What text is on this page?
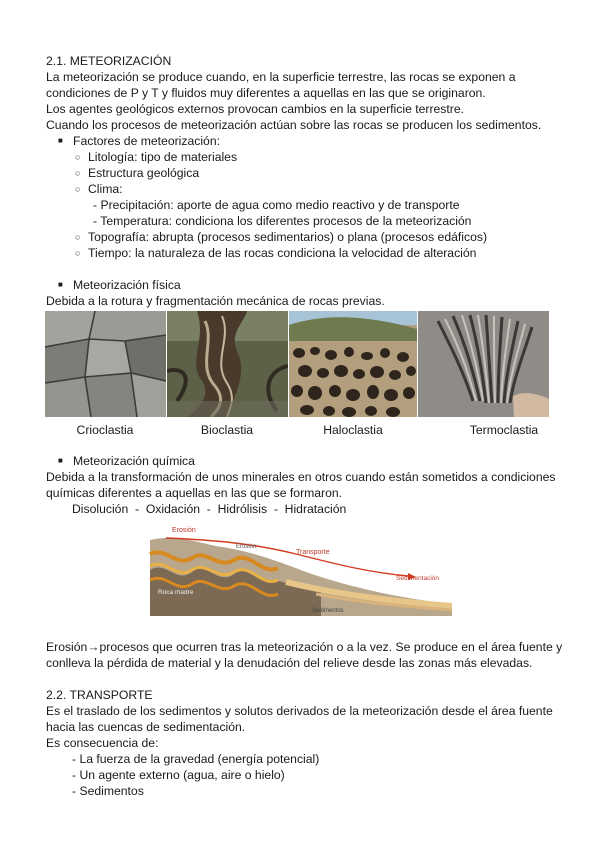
2.1. METEORIZACIÓN
La meteorización se produce cuando, en la superficie terrestre, las rocas se exponen a
condiciones de P y T y fluidos muy diferentes a aquellas en las que se originaron.
Los agentes geológicos externos provocan cambios en la superficie terrestre.
Cuando los procesos de meteorización actúan sobre las rocas se producen los sedimentos.
■ Factores de meteorización:
○ Litología: tipo de materiales
○ Estructura geológica
○ Clima:
- Precipitación: aporte de agua como medio reactivo y de transporte
- Temperatura: condiciona los diferentes procesos de la meteorización
○ Topografía: abrupta (procesos sedimentarios) o plana (procesos edáficos)
○ Tiempo: la naturaleza de las rocas condiciona la velocidad de alteración
■ Meteorización física
Debida a la rotura y fragmentación mecánica de rocas previas.
Crioclastia	Bioclastia	Haloclastia	Termoclastia
■ Meteorización química
Debida a la transformación de unos minerales en otros cuando están sometidos a condiciones
químicas diferentes a aquellas en las que se formaron.
Disolución  -  Oxidación  -  Hidrólisis  -  Hidratación
Erosión
Erosión
Transporte
Sedimentación
Roca madre
Sedimentos
Erosión→procesos que ocurren tras la meteorización o a la vez. Se produce en el área fuente y
conlleva la pérdida de material y la denudación del relieve desde las zonas más elevadas.
2.2. TRANSPORTE
Es el traslado de los sedimentos y solutos derivados de la meteorización desde el área fuente
hacia las cuencas de sedimentación.
Es consecuencia de:
- La fuerza de la gravedad (energía potencial)
- Un agente externo (agua, aire o hielo)
- Sedimentos
